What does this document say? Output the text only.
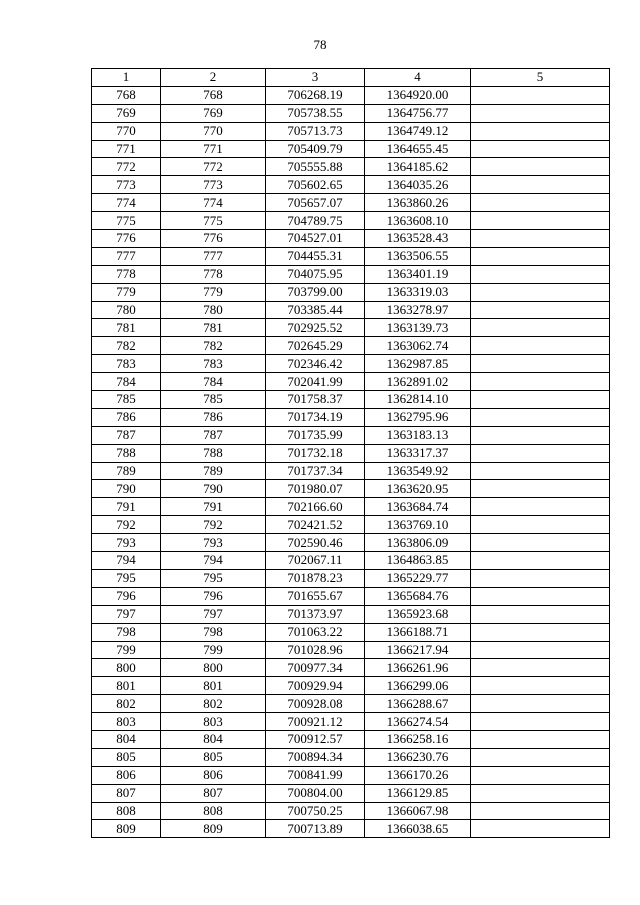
78
1	2	3	4	5
768	768	706268.19	1364920.00	
769	769	705738.55	1364756.77	
770	770	705713.73	1364749.12	
771	771	705409.79	1364655.45	
772	772	705555.88	1364185.62	
773	773	705602.65	1364035.26	
774	774	705657.07	1363860.26	
775	775	704789.75	1363608.10	
776	776	704527.01	1363528.43	
777	777	704455.31	1363506.55	
778	778	704075.95	1363401.19	
779	779	703799.00	1363319.03	
780	780	703385.44	1363278.97	
781	781	702925.52	1363139.73	
782	782	702645.29	1363062.74	
783	783	702346.42	1362987.85	
784	784	702041.99	1362891.02	
785	785	701758.37	1362814.10	
786	786	701734.19	1362795.96	
787	787	701735.99	1363183.13	
788	788	701732.18	1363317.37	
789	789	701737.34	1363549.92	
790	790	701980.07	1363620.95	
791	791	702166.60	1363684.74	
792	792	702421.52	1363769.10	
793	793	702590.46	1363806.09	
794	794	702067.11	1364863.85	
795	795	701878.23	1365229.77	
796	796	701655.67	1365684.76	
797	797	701373.97	1365923.68	
798	798	701063.22	1366188.71	
799	799	701028.96	1366217.94	
800	800	700977.34	1366261.96	
801	801	700929.94	1366299.06	
802	802	700928.08	1366288.67	
803	803	700921.12	1366274.54	
804	804	700912.57	1366258.16	
805	805	700894.34	1366230.76	
806	806	700841.99	1366170.26	
807	807	700804.00	1366129.85	
808	808	700750.25	1366067.98	
809	809	700713.89	1366038.65	
